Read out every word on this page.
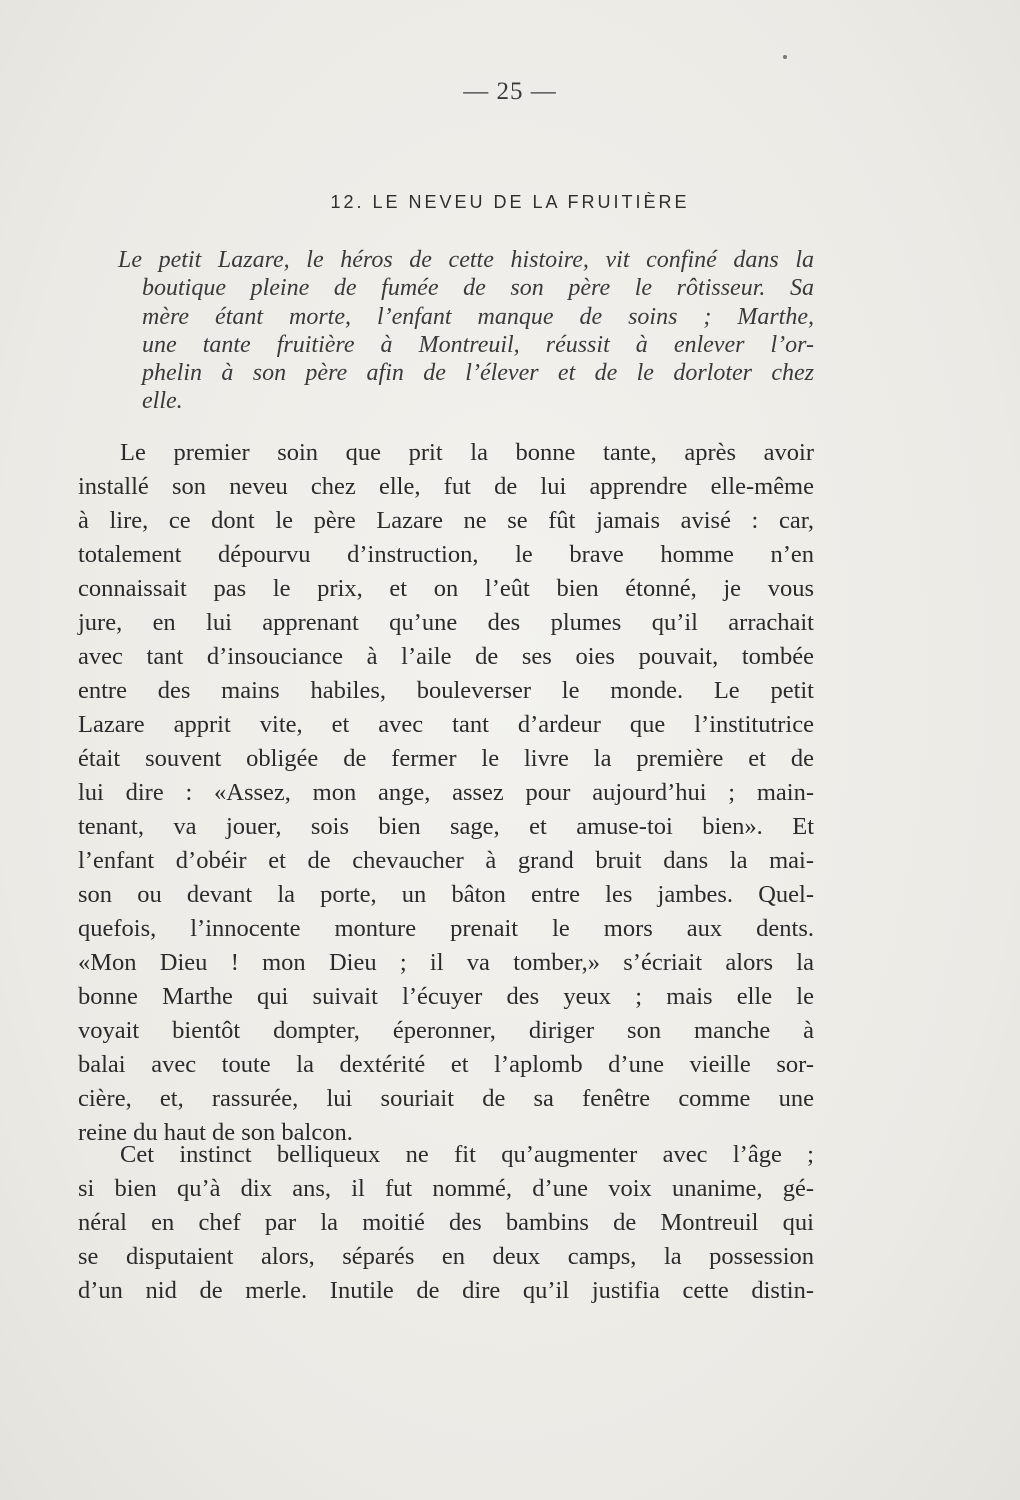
— 25 —
12. LE NEVEU DE LA FRUITIÈRE
Le petit Lazare, le héros de cette histoire, vit confiné dans la
boutique pleine de fumée de son père le rôtisseur. Sa
mère étant morte, l’enfant manque de soins ; Marthe,
une tante fruitière à Montreuil, réussit à enlever l’or-
phelin à son père afin de l’élever et de le dorloter chez
elle.
Le premier soin que prit la bonne tante, après avoir
installé son neveu chez elle, fut de lui apprendre elle-même
à lire, ce dont le père Lazare ne se fût jamais avisé : car,
totalement dépourvu d’instruction, le brave homme n’en
connaissait pas le prix, et on l’eût bien étonné, je vous
jure, en lui apprenant qu’une des plumes qu’il arrachait
avec tant d’insouciance à l’aile de ses oies pouvait, tombée
entre des mains habiles, bouleverser le monde. Le petit
Lazare apprit vite, et avec tant d’ardeur que l’institutrice
était souvent obligée de fermer le livre la première et de
lui dire : «Assez, mon ange, assez pour aujourd’hui ; main-
tenant, va jouer, sois bien sage, et amuse-toi bien». Et
l’enfant d’obéir et de chevaucher à grand bruit dans la mai-
son ou devant la porte, un bâton entre les jambes. Quel-
quefois, l’innocente monture prenait le mors aux dents.
«Mon Dieu ! mon Dieu ; il va tomber,» s’écriait alors la
bonne Marthe qui suivait l’écuyer des yeux ; mais elle le
voyait bientôt dompter, éperonner, diriger son manche à
balai avec toute la dextérité et l’aplomb d’une vieille sor-
cière, et, rassurée, lui souriait de sa fenêtre comme une
reine du haut de son balcon.
Cet instinct belliqueux ne fit qu’augmenter avec l’âge ;
si bien qu’à dix ans, il fut nommé, d’une voix unanime, gé-
néral en chef par la moitié des bambins de Montreuil qui
se disputaient alors, séparés en deux camps, la possession
d’un nid de merle. Inutile de dire qu’il justifia cette distin-
